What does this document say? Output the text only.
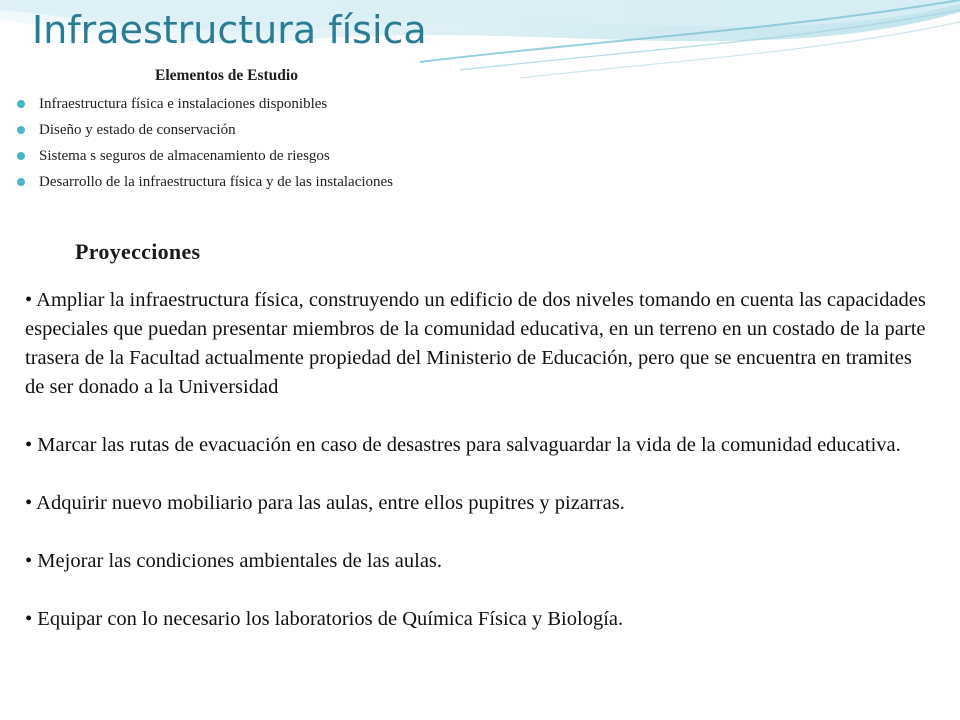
Infraestructura física
Elementos de Estudio
Infraestructura física e instalaciones disponibles
Diseño y estado de conservación
Sistema s seguros de almacenamiento de riesgos
Desarrollo de la infraestructura física y de las instalaciones
Proyecciones
• Ampliar la infraestructura física, construyendo un edificio de dos niveles tomando en cuenta las capacidades especiales que puedan presentar miembros de la comunidad educativa, en un terreno en un costado de la parte trasera de la Facultad actualmente propiedad del Ministerio de Educación, pero que se encuentra en tramites de ser donado a la Universidad
• Marcar las rutas de evacuación en caso de desastres para salvaguardar la vida de la comunidad educativa.
• Adquirir nuevo mobiliario para las aulas, entre ellos pupitres y pizarras.
• Mejorar las condiciones ambientales de las aulas.
• Equipar con lo necesario los laboratorios de Química Física y Biología.
